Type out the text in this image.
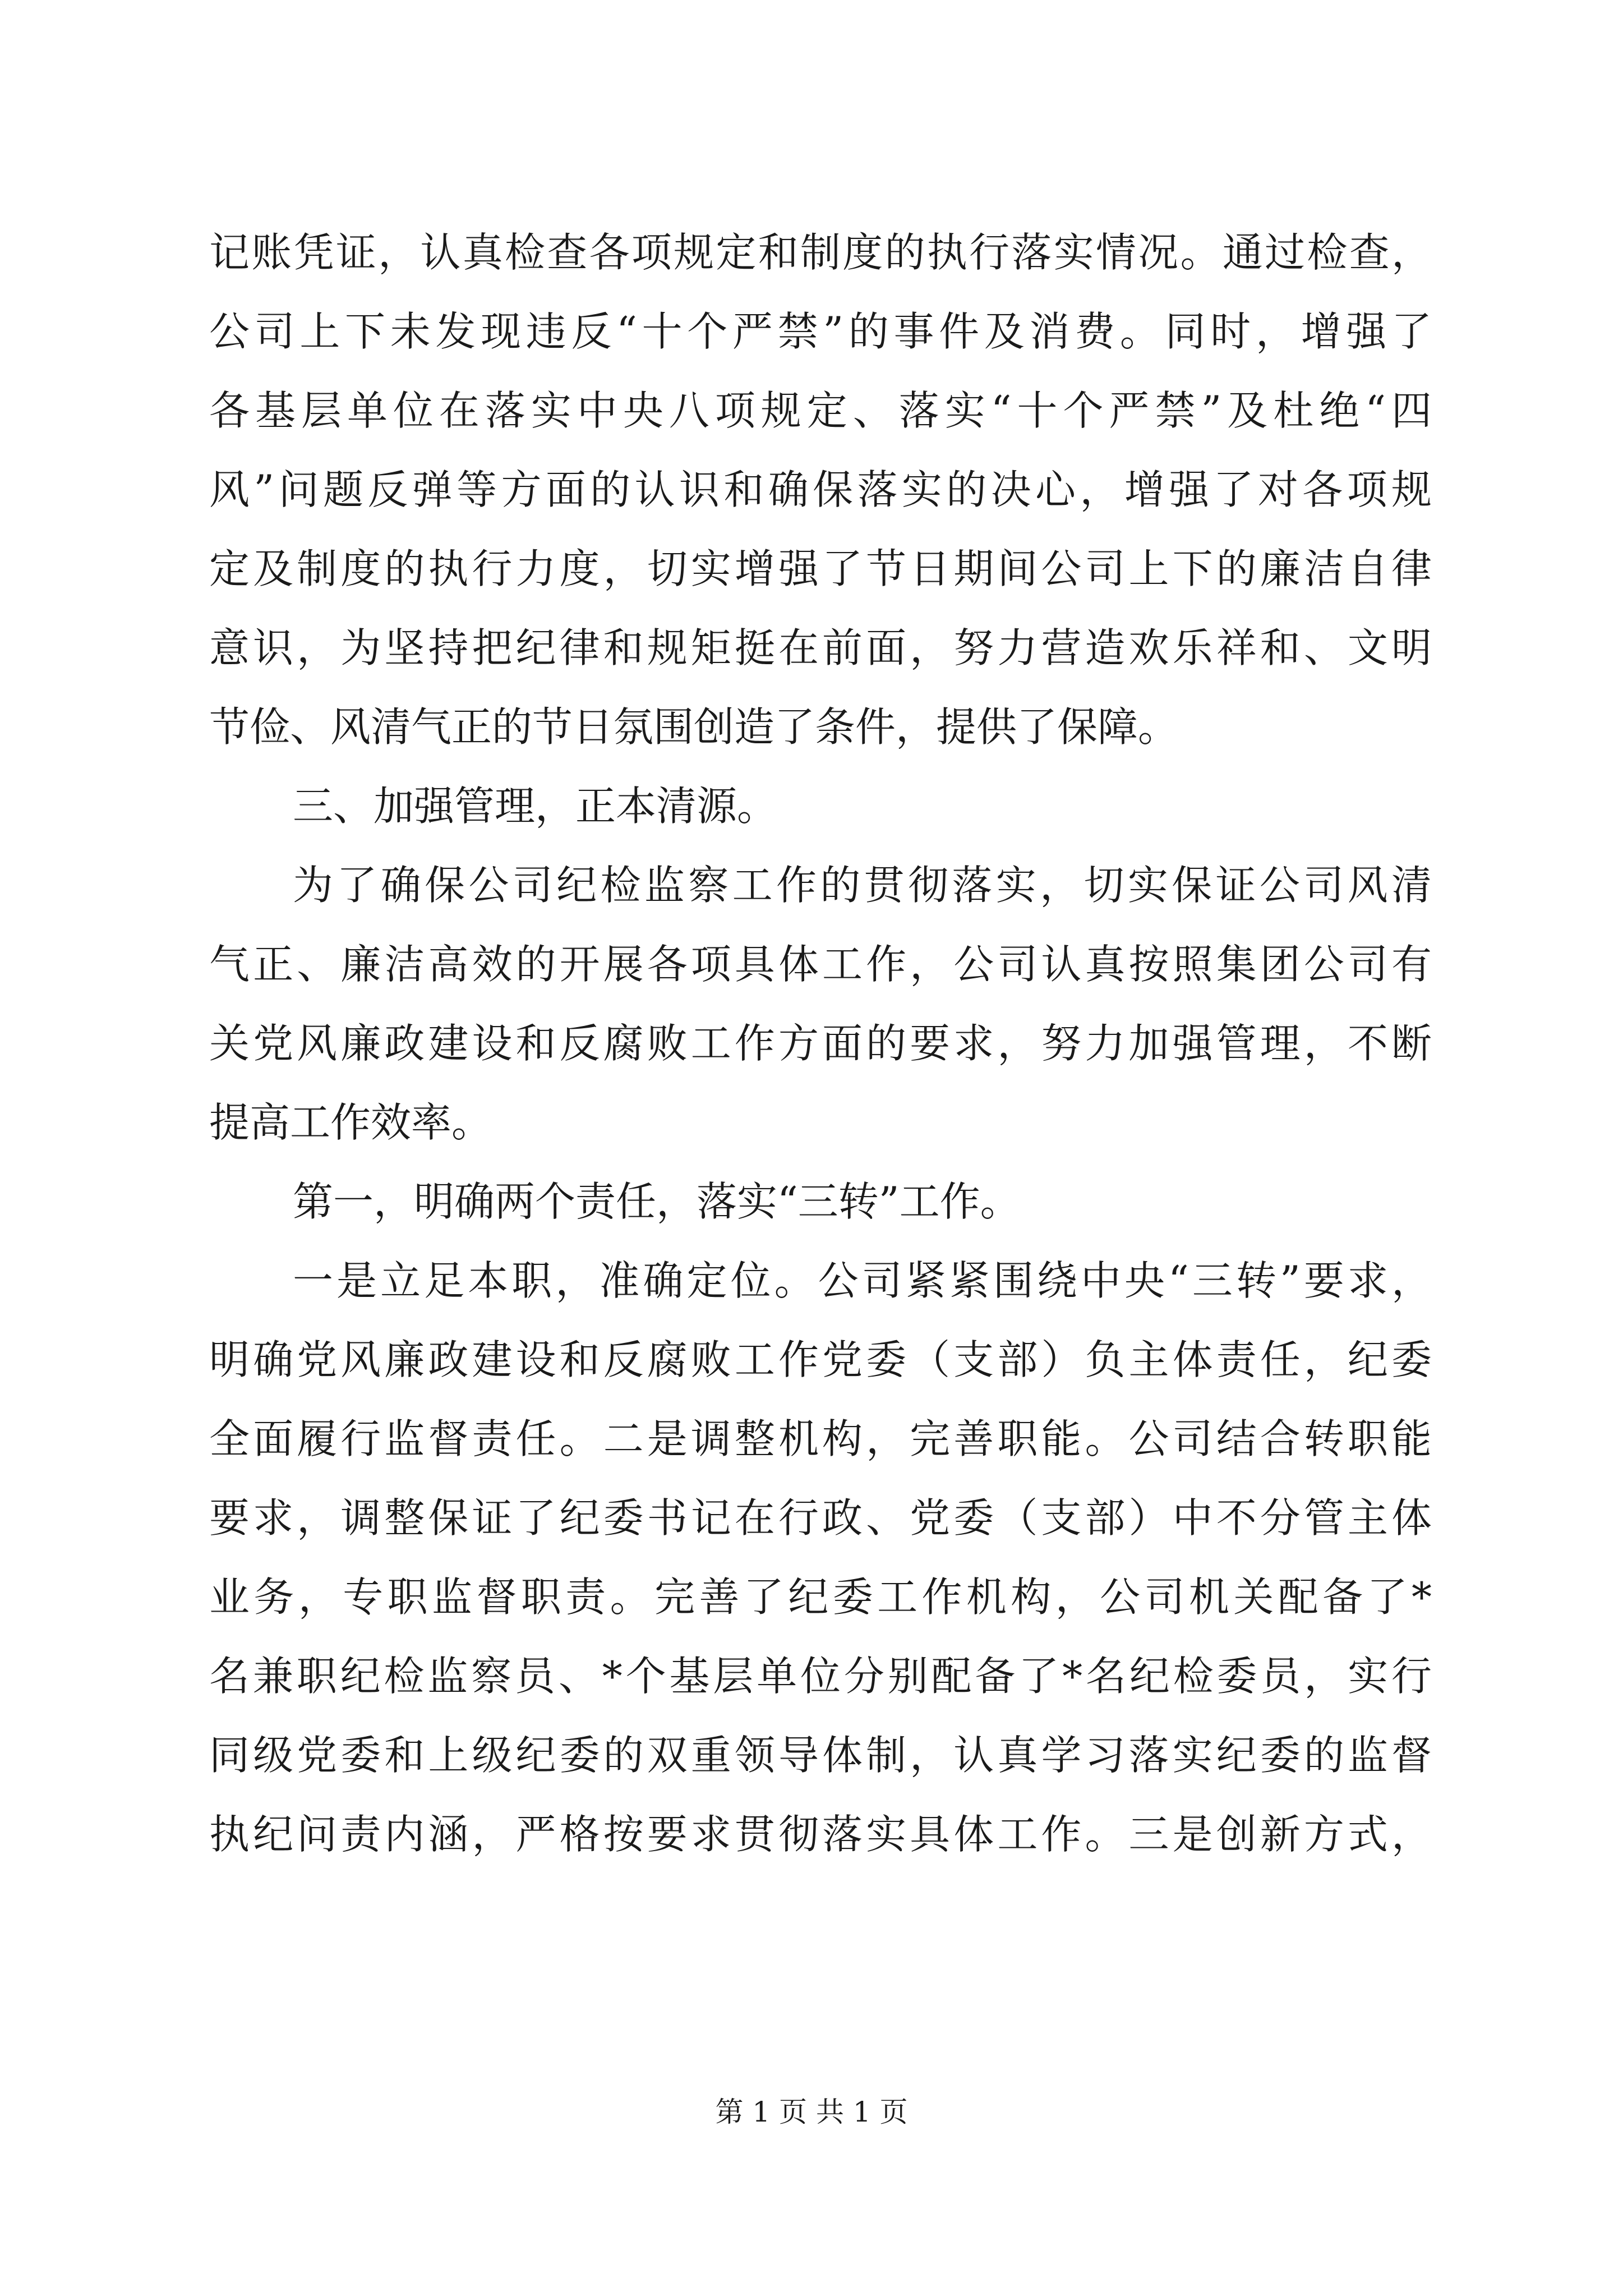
记账凭证，认真检查各项规定和制度的执行落实情况。通过检查，
公司上下未发现违反“十个严禁”的事件及消费。同时，增强了
各基层单位在落实中央八项规定、落实“十个严禁”及杜绝“四
风”问题反弹等方面的认识和确保落实的决心，增强了对各项规
定及制度的执行力度，切实增强了节日期间公司上下的廉洁自律
意识，为坚持把纪律和规矩挺在前面，努力营造欢乐祥和、文明
节俭、风清气正的节日氛围创造了条件，提供了保障。
三、加强管理，正本清源。
为了确保公司纪检监察工作的贯彻落实，切实保证公司风清
气正、廉洁高效的开展各项具体工作，公司认真按照集团公司有
关党风廉政建设和反腐败工作方面的要求，努力加强管理，不断
提高工作效率。
第一，明确两个责任，落实“三转”工作。
一是立足本职，准确定位。公司紧紧围绕中央“三转”要求，
明确党风廉政建设和反腐败工作党委（支部）负主体责任，纪委
全面履行监督责任。二是调整机构，完善职能。公司结合转职能
要求，调整保证了纪委书记在行政、党委（支部）中不分管主体
业务，专职监督职责。完善了纪委工作机构，公司机关配备了*
名兼职纪检监察员、*个基层单位分别配备了*名纪检委员，实行
同级党委和上级纪委的双重领导体制，认真学习落实纪委的监督
执纪问责内涵，严格按要求贯彻落实具体工作。三是创新方式，
第 1 页 共 1 页
